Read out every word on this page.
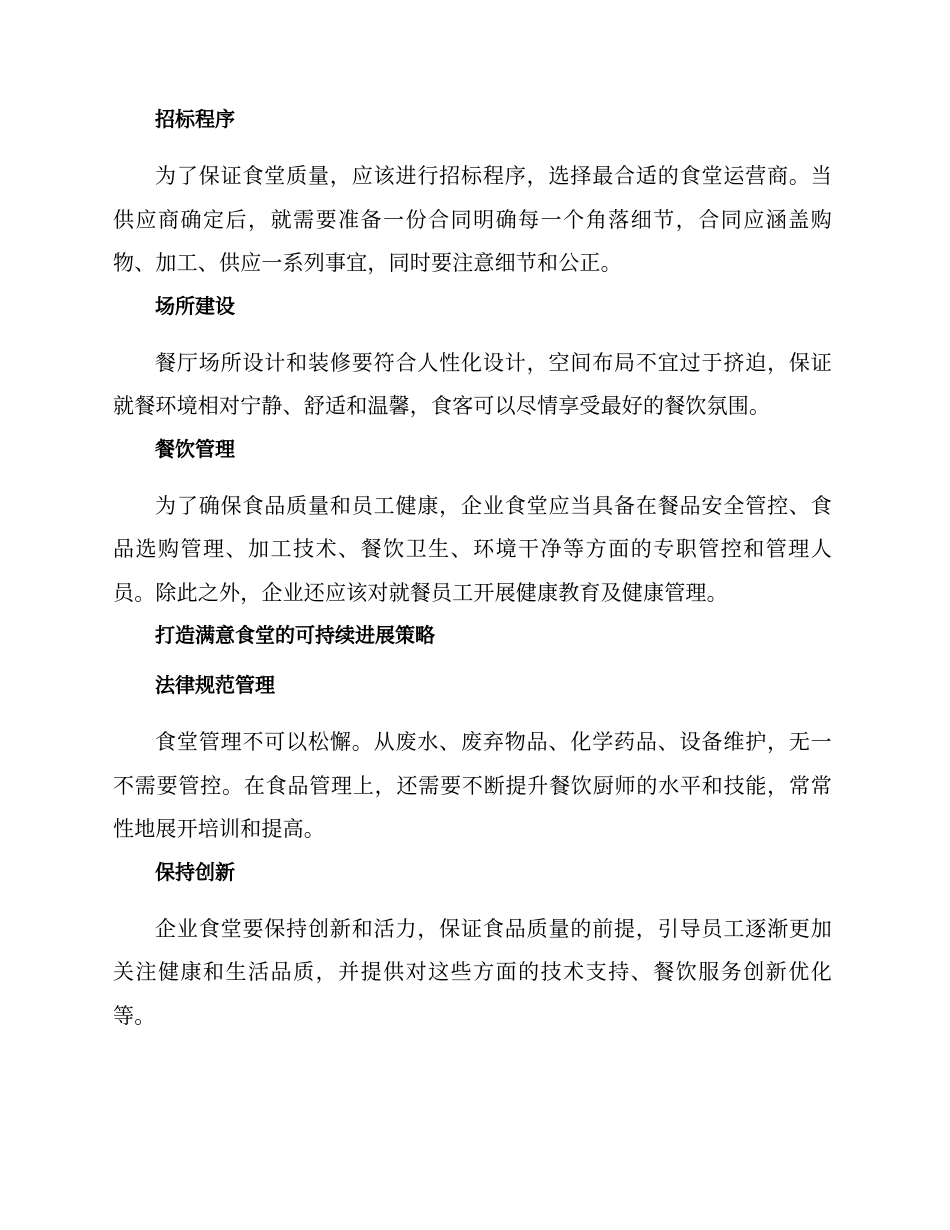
招标程序

为了保证食堂质量，应该进行招标程序，选择最合适的食堂运营商。当供应商确定后，就需要准备一份合同明确每一个角落细节，合同应涵盖购物、加工、供应一系列事宜，同时要注意细节和公正。

场所建设

餐厅场所设计和装修要符合人性化设计，空间布局不宜过于挤迫，保证就餐环境相对宁静、舒适和温馨，食客可以尽情享受最好的餐饮氛围。

餐饮管理

为了确保食品质量和员工健康，企业食堂应当具备在餐品安全管控、食品选购管理、加工技术、餐饮卫生、环境干净等方面的专职管控和管理人员。除此之外，企业还应该对就餐员工开展健康教育及健康管理。

打造满意食堂的可持续进展策略
法律规范管理

食堂管理不可以松懈。从废水、废弃物品、化学药品、设备维护，无一不需要管控。在食品管理上，还需要不断提升餐饮厨师的水平和技能，常常性地展开培训和提高。

保持创新

企业食堂要保持创新和活力，保证食品质量的前提，引导员工逐渐更加关注健康和生活品质，并提供对这些方面的技术支持、餐饮服务创新优化等。
